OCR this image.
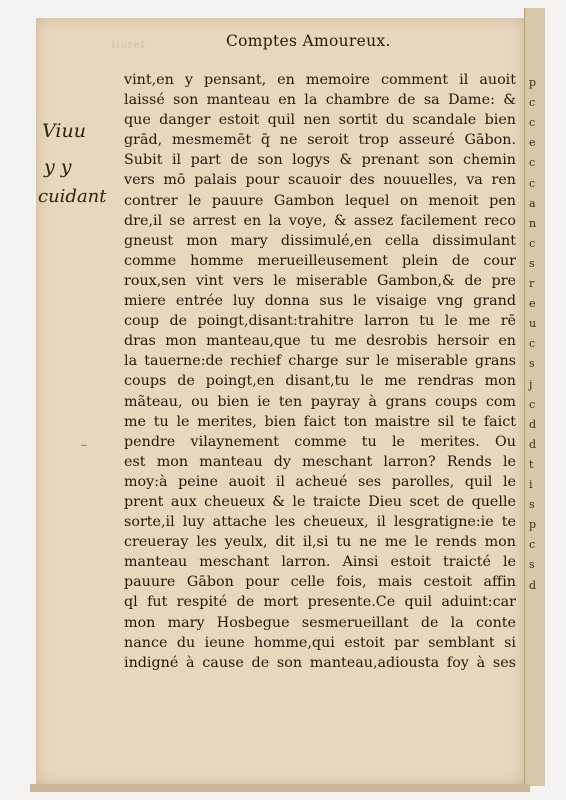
p
c
c
e
c
c
a
n
c
s
r
e
u
c
s
j
c
d
d
t
i
s
p
c
s
d
liuret	Comptes Amoureux.
Viuu
y y
cuidant
vint,en y pensant, en memoire comment il auoit
laissé son manteau en la chambre de sa Dame: &
que danger estoit quil nen sortit du scandale bien
grād, mesmemēt q̄ ne seroit trop asseuré Gābon.
Subit il part de son logys & prenant son chemin
vers mō palais pour scauoir des nouuelles, va ren
contrer le pauure Gambon lequel on menoit pen
dre,il se arrest en la voye, & assez facilement reco
gneust mon mary dissimulé,en cella dissimulant
comme homme merueilleusement plein de cour
roux,sen vint vers le miserable Gambon,& de pre
miere entrée luy donna sus le visaige vng grand
coup de poingt,disant:trahitre larron tu le me rē
dras mon manteau,que tu me desrobis hersoir en
la tauerne:de rechief charge sur le miserable grans
coups de poingt,en disant,tu le me rendras mon
mãteau, ou bien ie ten payray à grans coups com
me tu le merites, bien faict ton maistre sil te faict
pendre vilaynement comme tu le merites. Ou
est mon manteau dy meschant larron? Rends le
moy:à peine auoit il acheué ses parolles, quil le
prent aux cheueux & le traicte Dieu scet de quelle
sorte,il luy attache les cheueux, il lesgratigne:ie te
creueray les yeulx, dit il,si tu ne me le rends mon
manteau meschant larron. Ainsi estoit traicté le
pauure Gābon pour celle fois, mais cestoit affin
ql fut respité de mort presente.Ce quil aduint:car
mon mary Hosbegue sesmerueillant de la conte
nance du ieune homme,qui estoit par semblant si
indigné à cause de son manteau,adiousta foy à ses
